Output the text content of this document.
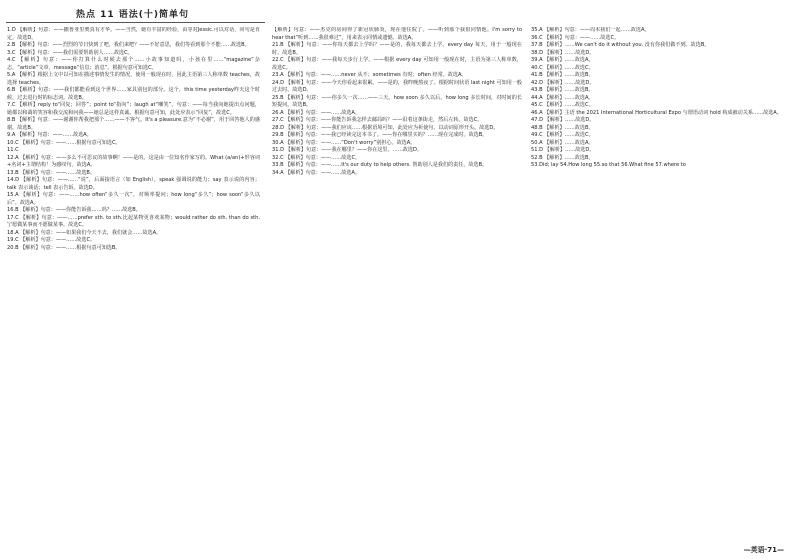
热点 11 语法(十)简单句

1.D 【解析】句意：——撒鲁亚里奥真有才华。——当然，她有丰富的经验，由等对Jessic.可以对话，同句是肯定。故选D。

2.B 【解析】句意：——烈烈的节日快到了吧，我们来吧？——不好意思，我们等看到那个不能……故选B。

3.C 【解析】句意：——我们需要帮助别人……故选C。

4.C 【解析】句意：——你打算什么时候去那个……小故事知道吗，小孩在里……“magazine”杂志，“article”文章，message“信息；消息”。根据句意可知选C。

5.A 【解析】根据上文中以可知在描述事情发生的情况，使用一般现在时，因此主语第三人称单数 teaches，故选择 teaches。

6.B 【解析】句意：——我们都能看到这个世界……家具别包的部分。这个，this time yesterday昨天这个时候，过去进行时的标志词。故选B。

7.C 【解析】reply to“回复；回答”；point to“指向”；laugh at“嘲笑”。句意：——每当我向她提出点问题，她都以和蔼的笑容和我交流和问我——她总是这样真诚。根据句意可知，此处应表示“回复”，故选C。

8.B 【解析】句意：——谢谢你帮我把那个……——不客气。It's a pleasure.意为“不必谢”，用于回答他人的感谢。故选B。

9.A 【解析】句意：——……故选A。

10.C 【解析】句意：——……根据句意可知选C。

11.C

12.A 【解析】句意：——多么不可思议的故事啊！——是的。这是由一位知名作家写的。What (a/an)+形容词+名词+主谓结构！为感叹句。故选A。

13.B 【解析】句意：——……故选B。

14.D 【解析】句意：——……“说”，后面接语言（如 English），speak 强调说的能力；say 表示说的内容；talk 表示谈话；tell 表示告诉。故选D。

15.A 【解析】句意：——……how often“多久一次”，对频率提问；how long“多久”；how soon“多久以后”。故选A。

16.B 【解析】句意：——你能告诉我……吗？……故选B。

17.C 【解析】句意：——……prefer sth. to sth.比起某物更喜欢某物；would rather do sth. than do sth. 宁愿做某事而不愿做某事。故选C。

18.A 【解析】句意：——如果我们今天不去，我们就会……故选A。

19.C 【解析】句意：——……故选C。

20.B 【解析】句意：——……根据句意可知选B。

【解析】句意：——杰克的房间得了新冠状肺炎，现在他住院了。——听到那个我很同情他。I'm sorry to hear that“听到……我很难过”，用来表示同情或遗憾。故选A。

21.B 【解析】句意：——你每天都去上学吗？——是的，我每天都去上学。every day 每天，用于一般现在时。故选B。

22.C 【解析】句意：——我每天步行上学。——根据 every day 可知用一般现在时，主语为第三人称单数，故选C。

23.A 【解析】句意：——……never 从不；sometimes 有时；often 经常。故选A。

24.D 【解析】句意：——今天你看起来很累。——是的，我昨晚熬夜了。根据时间状语 last night 可知用一般过去时。故选D。

25.B 【解析】句意：——你多久一次……——三天。how soon 多久以后，how long 多长时间，对时间的长短提问。故选B。

26.A 【解析】句意：——……故选A。

27.C 【解析】句意：——你能告诉我怎样去邮局吗？——沿着这条街走，然后左转。故选C。

28.D 【解析】句意：——我们应该……根据语境可知，此处应为祈使句，以动词原形开头。故选D。

29.B 【解析】句意：——我已经读完这本书了。——你在哪里买的？……现在完成时。故选B。

30.A 【解析】句意：——……“Don't worry”别担心。故选A。

31.D 【解析】句意：——我在哪里？——你在这里。……故选D。

32.C 【解析】句意：——……故选C。

33.B 【解析】句意：——……It's our duty to help others. 帮助别人是我们的责任。故选B。

34.A 【解析】句意：——……故选A。

35.A 【解析】句意：——周末我们一起……故选A。

36.C 【解析】句意：——……故选C。

37.B 【解析】……We can't do it without you. 没有你我们做不到。故选B。

38.D 【解析】……故选D。

39.A 【解析】……故选A。

40.C 【解析】……故选C。

41.B 【解析】……故选B。

42.D 【解析】……故选D。

43.B 【解析】……故选B。

44.A 【解析】……故选A。

45.C 【解析】……故选C。

46.A 【解析】主语 the 2021 International Horticultural Expo 与谓语动词 hold 构成被动关系……故选A。

47.D 【解析】……故选D。

48.B 【解析】……故选B。

49.C 【解析】……故选C。

50.A 【解析】……故选A。

51.D 【解析】……故选D。

52.B 【解析】……故选B。

53.Did; lay 54.How long 55.so that 56.What fine 57.where to

—英语·71—
